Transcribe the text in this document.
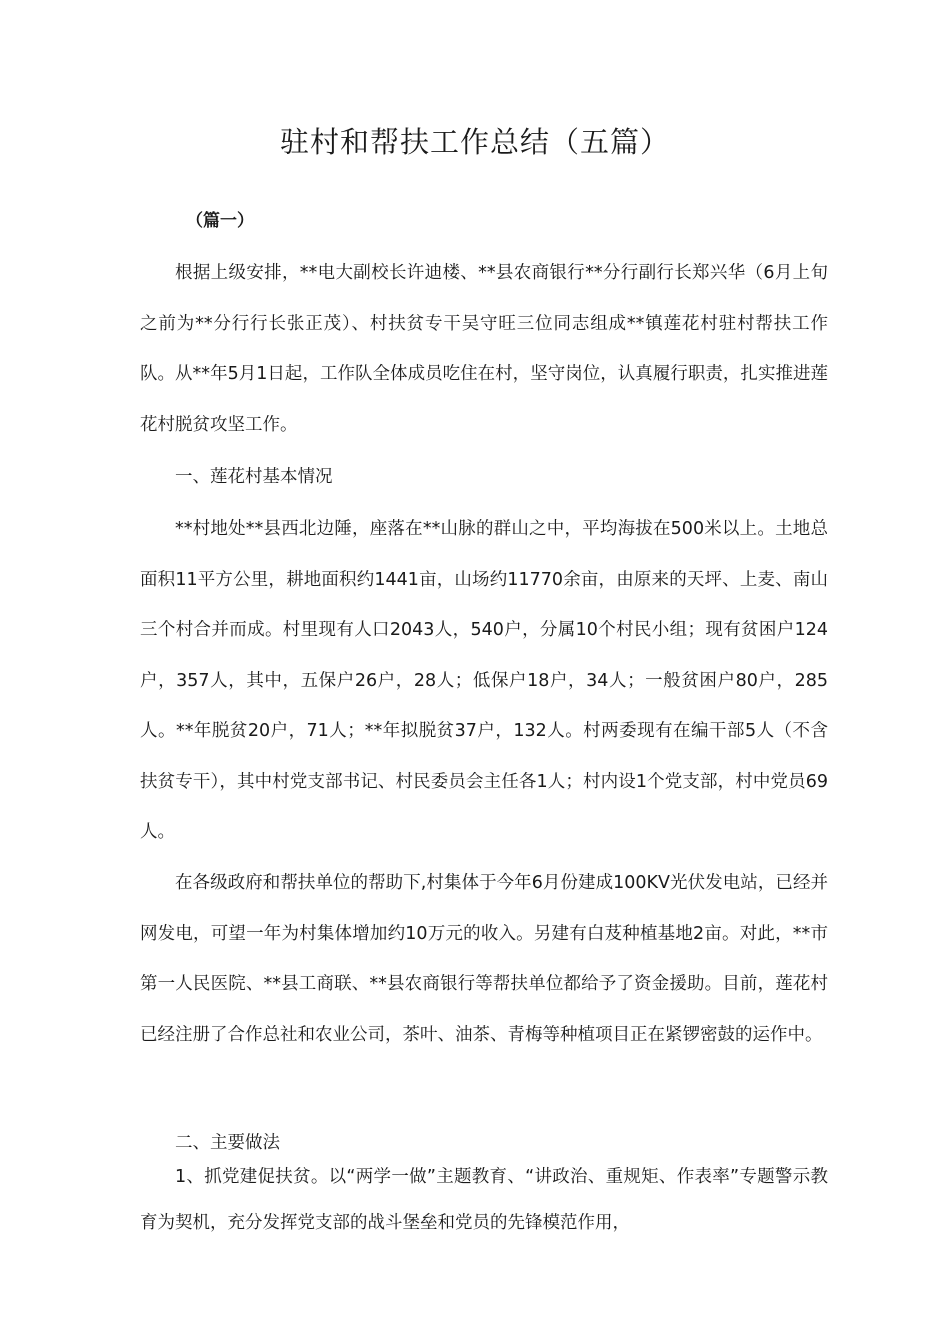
驻村和帮扶工作总结（五篇）

（篇一）

根据上级安排，**电大副校长许迪楼、**县农商银行**分行副行长郑兴华（6月上旬之前为**分行行长张正茂）、村扶贫专干吴守旺三位同志组成**镇莲花村驻村帮扶工作队。从**年5月1日起，工作队全体成员吃住在村，坚守岗位，认真履行职责，扎实推进莲花村脱贫攻坚工作。

一、莲花村基本情况

**村地处**县西北边陲，座落在**山脉的群山之中，平均海拔在500米以上。土地总面积11平方公里，耕地面积约1441亩，山场约11770余亩，由原来的天坪、上麦、南山三个村合并而成。村里现有人口2043人，540户，分属10个村民小组；现有贫困户124户，357人，其中，五保户26户，28人；低保户18户，34人；一般贫困户80户，285人。**年脱贫20户，71人；**年拟脱贫37户，132人。村两委现有在编干部5人（不含扶贫专干），其中村党支部书记、村民委员会主任各1人；村内设1个党支部，村中党员69人。

在各级政府和帮扶单位的帮助下,村集体于今年6月份建成100KV光伏发电站，已经并网发电，可望一年为村集体增加约10万元的收入。另建有白芨种植基地2亩。对此，**市第一人民医院、**县工商联、**县农商银行等帮扶单位都给予了资金援助。目前，莲花村已经注册了合作总社和农业公司，茶叶、油茶、青梅等种植项目正在紧锣密鼓的运作中。

二、主要做法

1、抓党建促扶贫。以“两学一做”主题教育、“讲政治、重规矩、作表率”专题警示教育为契机，充分发挥党支部的战斗堡垒和党员的先锋模范作用，
